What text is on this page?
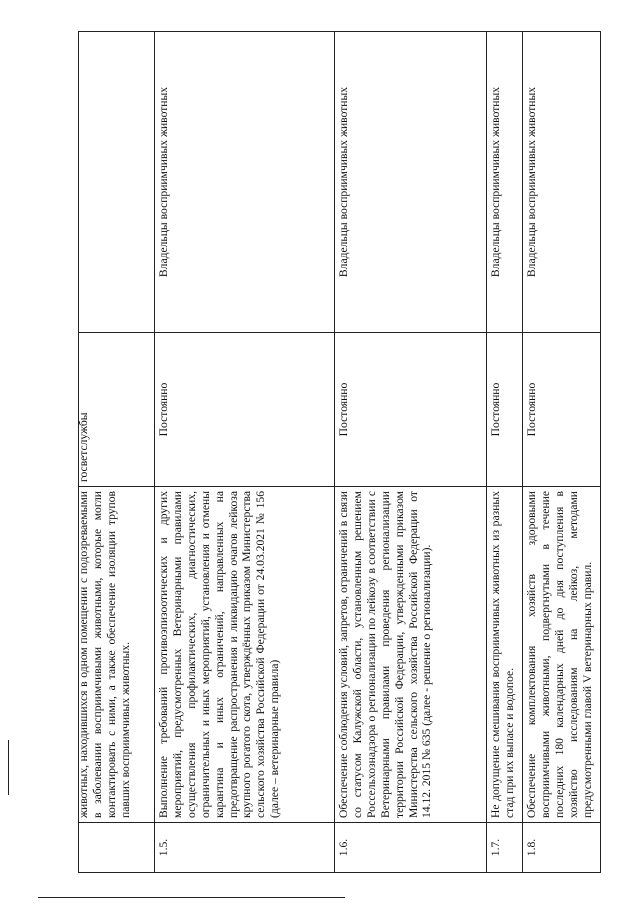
	животных, находившихся в одном помещении с подозреваемыми в заболевании восприимчивыми животными, которые могли контактировать с ними, а также обеспечение изоляции трупов павших восприимчивых животных.	госветслужбы	

1.5.	Выполнение требований противоэпизоотических и других мероприятий, предусмотренных Ветеринарными правилами осуществления профилактических, диагностических, ограничительных и иных мероприятий, установления и отмены карантина и иных ограничений, направленных на предотвращение распространения и ликвидацию очагов лейкоза крупного рогатого скота, утверждённых приказом Министерства сельского хозяйства Российской Федерации от 24.03.2021 № 156 (далее – ветеринарные правила)	Постоянно	Владельцы восприимчивых животных
1.6.	Обеспечение соблюдения условий, запретов, ограничений в связи со статусом Калужской области, установленным решением Россельхознадзора о регионализации по лейкозу в соответствии с Ветеринарными правилами проведения регионализации территории Российской Федерации, утвержденными приказом Министерства сельского хозяйства Российской Федерации от 14.12. 2015 № 635 (далее - решение о регионализации).	Постоянно	Владельцы восприимчивых животных
1.7.	Не допущение смешивания восприимчивых животных из разных стад при их выпасе и водопое.	Постоянно	Владельцы восприимчивых животных
1.8.	Обеспечение комплектования хозяйств здоровыми восприимчивыми животными, подвергнутыми в течение последних 180 календарных дней до дня поступления в хозяйство исследованиям на лейкоз, методами предусмотренными главой V ветеринарных правил.	Постоянно	Владельцы восприимчивых животных
